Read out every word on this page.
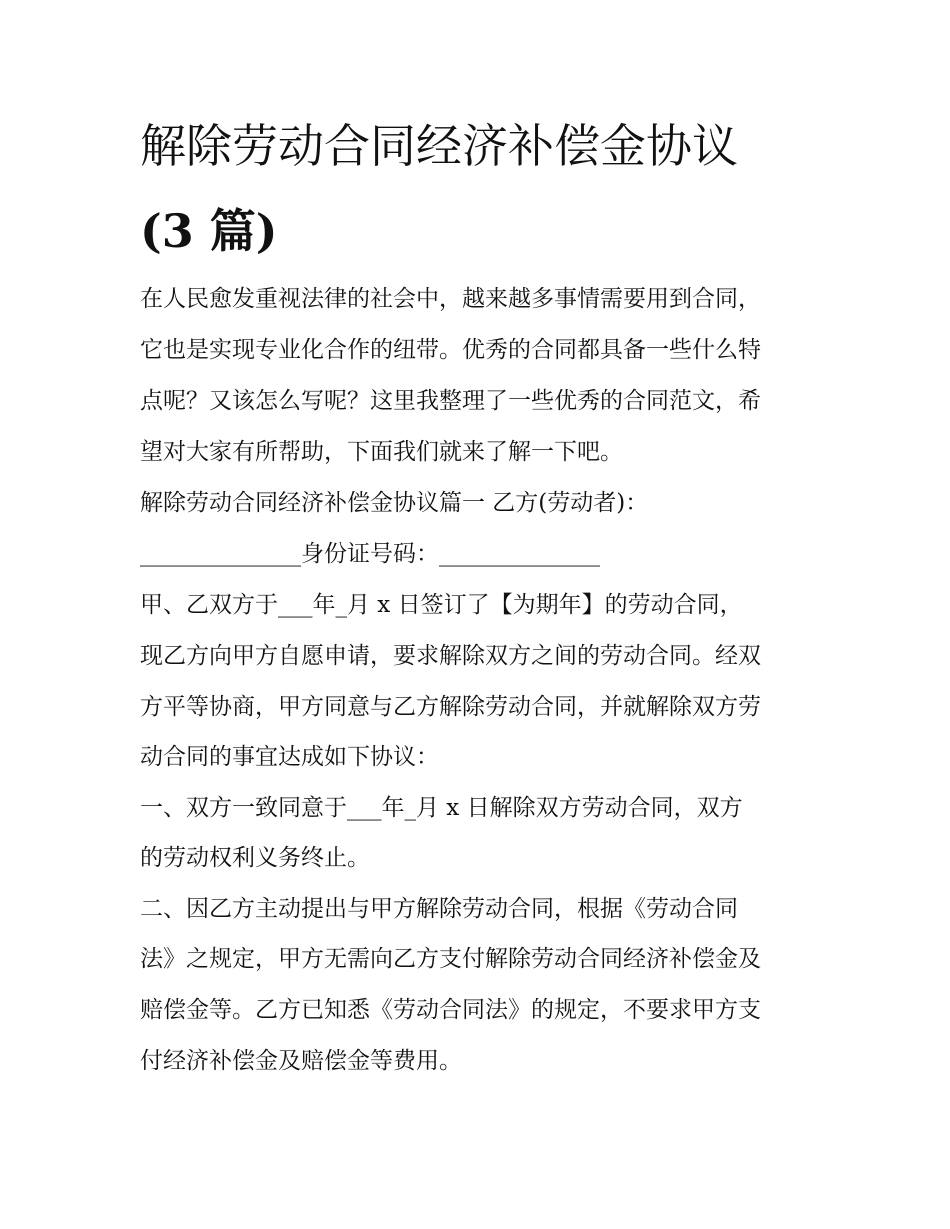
解除劳动合同经济补偿金协议
(3 篇)

在人民愈发重视法律的社会中，越来越多事情需要用到合同，

它也是实现专业化合作的纽带。优秀的合同都具备一些什么特

点呢？又该怎么写呢？这里我整理了一些优秀的合同范文，希

望对大家有所帮助，下面我们就来了解一下吧。

解除劳动合同经济补偿金协议篇一 乙方(劳动者)：

______________身份证号码：______________

甲、乙双方于___年_月 x 日签订了【为期年】的劳动合同，

现乙方向甲方自愿申请，要求解除双方之间的劳动合同。经双

方平等协商，甲方同意与乙方解除劳动合同，并就解除双方劳

动合同的事宜达成如下协议：

一、双方一致同意于___年_月 x 日解除双方劳动合同，双方

的劳动权利义务终止。

二、因乙方主动提出与甲方解除劳动合同，根据《劳动合同

法》之规定，甲方无需向乙方支付解除劳动合同经济补偿金及

赔偿金等。乙方已知悉《劳动合同法》的规定，不要求甲方支

付经济补偿金及赔偿金等费用。
